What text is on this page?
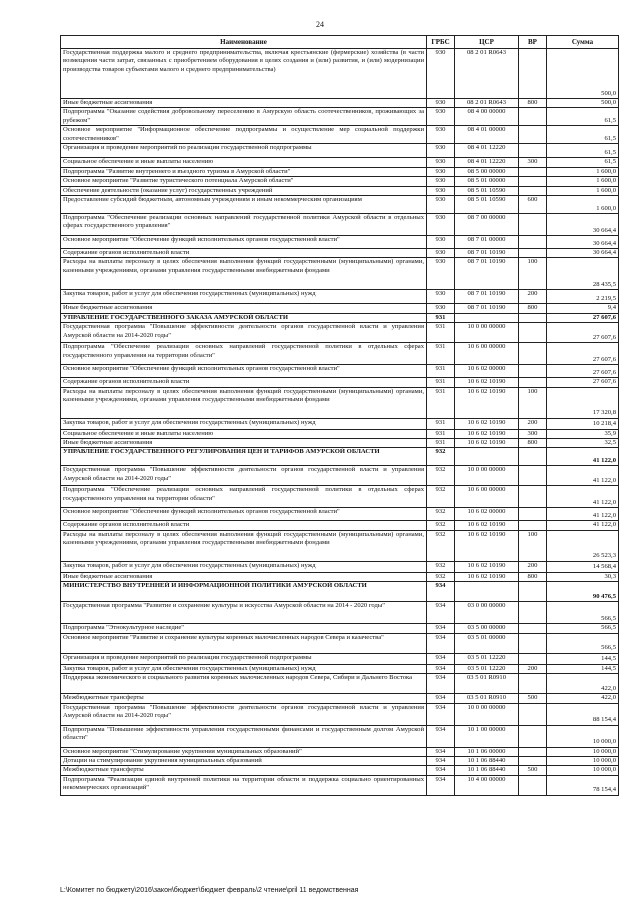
24
Наименование	ГРБС	ЦСР	ВР	Сумма
Государственная поддержка малого и среднего предпринимательства, включая крестьянские (фермерские) хозяйства (в части возмещения части затрат, связанных с приобретением оборудования в целях создания и (или) развития, и (или) модернизации производства товаров субъектами малого и среднего предпринимательства)	930	08 2 01 R0643		500,0
Иные бюджетные ассигнования	930	08 2 01 R0643	800	500,0
Подпрограмма "Оказание содействия добровольному переселению в Амурскую область соотечественников, проживающих за рубежом"	930	08 4 00 00000		61,5
Основное мероприятие "Информационное обеспечение подпрограммы и осуществление мер социальной поддержки соотечественников"	930	08 4 01 00000		61,5
Организация и проведение мероприятий по реализации государственной подпрограммы	930	08 4 01 12220		61,5
Социальное обеспечение и иные выплаты населению	930	08 4 01 12220	300	61,5
Подпрограмма "Развитие внутреннего и въездного туризма в Амурской области"	930	08 5 00 00000		1 600,0
Основное мероприятие "Развитие туристического потенциала Амурской области"	930	08 5 01 00000		1 600,0
Обеспечение деятельности (оказание услуг) государственных учреждений	930	08 5 01 10590		1 600,0
Предоставление субсидий бюджетным, автономным учреждениям и иным некоммерческим организациям	930	08 5 01 10590	600	1 600,0
Подпрограмма "Обеспечение реализации основных направлений государственной политики Амурской области в отдельных сферах государственного управления"	930	08 7 00 00000		30 664,4
Основное мероприятие "Обеспечение функций исполнительных органов государственной власти"	930	08 7 01 00000		30 664,4
Содержание органов исполнительной власти	930	08 7 01 10190		30 664,4
Расходы на выплаты персоналу в целях обеспечения выполнения функций государственными (муниципальными) органами, казенными учреждениями, органами управления государственными внебюджетными фондами	930	08 7 01 10190	100	28 435,5
Закупка товаров, работ и услуг для обеспечения государственных (муниципальных) нужд	930	08 7 01 10190	200	2 219,5
Иные бюджетные ассигнования	930	08 7 01 10190	800	9,4
УПРАВЛЕНИЕ ГОСУДАРСТВЕННОГО ЗАКАЗА АМУРСКОЙ ОБЛАСТИ	931			27 607,6
Государственная программа "Повышение эффективности деятельности органов государственной власти и управления Амурской области на 2014-2020 годы"	931	10 0 00 00000		27 607,6
Подпрограмма "Обеспечение реализации основных направлений государственной политики в отдельных сферах государственного управления на территории области"	931	10 6 00 00000		27 607,6
Основное мероприятие "Обеспечение функций исполнительных органов государственной власти"	931	10 6 02 00000		27 607,6
Содержание органов исполнительной власти	931	10 6 02 10190		27 607,6
Расходы на выплаты персоналу в целях обеспечения выполнения функций государственными (муниципальными) органами, казенными учреждениями, органами управления государственными внебюджетными фондами	931	10 6 02 10190	100	17 320,8
Закупка товаров, работ и услуг для обеспечения государственных (муниципальных) нужд	931	10 6 02 10190	200	10 218,4
Социальное обеспечение и иные выплаты населению	931	10 6 02 10190	300	35,9
Иные бюджетные ассигнования	931	10 6 02 10190	800	32,5
УПРАВЛЕНИЕ ГОСУДАРСТВЕННОГО РЕГУЛИРОВАНИЯ ЦЕН И ТАРИФОВ АМУРСКОЙ ОБЛАСТИ	932			41 122,0
Государственная программа "Повышение эффективности деятельности органов государственной власти и управления Амурской области на 2014-2020 годы"	932	10 0 00 00000		41 122,0
Подпрограмма "Обеспечение реализации основных направлений государственной политики в отдельных сферах государственного управления на территории области"	932	10 6 00 00000		41 122,0
Основное мероприятие "Обеспечение функций исполнительных органов государственной власти"	932	10 6 02 00000		41 122,0
Содержание органов исполнительной власти	932	10 6 02 10190		41 122,0
Расходы на выплаты персоналу в целях обеспечения выполнения функций государственными (муниципальными) органами, казенными учреждениями, органами управления государственными внебюджетными фондами	932	10 6 02 10190	100	26 523,3
Закупка товаров, работ и услуг для обеспечения государственных (муниципальных) нужд	932	10 6 02 10190	200	14 568,4
Иные бюджетные ассигнования	932	10 6 02 10190	800	30,3
МИНИСТЕРСТВО ВНУТРЕННЕЙ И ИНФОРМАЦИОННОЙ ПОЛИТИКИ АМУРСКОЙ ОБЛАСТИ	934			90 476,5
Государственная программа "Развитие и сохранение культуры и искусства Амурской области на 2014 - 2020 годы"	934	03 0 00 00000		566,5
Подпрограмма "Этнокультурное наследие"	934	03 5 00 00000		566,5
Основное мероприятие "Развитие и сохранение культуры коренных малочисленных народов Севера и казачества"	934	03 5 01 00000		566,5
Организация и проведение мероприятий по реализации государственной подпрограммы	934	03 5 01 12220		144,5
Закупка товаров, работ и услуг для обеспечения государственных (муниципальных) нужд	934	03 5 01 12220	200	144,5
Поддержка экономического и социального развития коренных малочисленных народов Севера, Сибири и Дальнего Востока	934	03 5 01 R0910		422,0
Межбюджетные трансферты	934	03 5 01 R0910	500	422,0
Государственная программа "Повышение эффективности деятельности органов государственной власти и управления Амурской области на 2014-2020 годы"	934	10 0 00 00000		88 154,4
Подпрограмма "Повышение эффективности управления государственными финансами и государственным долгом Амурской области"	934	10 1 00 00000		10 000,0
Основное мероприятие "Стимулирование укрупнения муниципальных образований"	934	10 1 06 00000		10 000,0
Дотации на стимулирование укрупнения муниципальных образований	934	10 1 06 88440		10 000,0
Межбюджетные трансферты	934	10 1 06 88440	500	10 000,0
Подпрограмма "Реализация единой внутренней политики на территории области и поддержка социально ориентированных некоммерческих организаций"	934	10 4 00 00000		78 154,4
L:\Комитет по бюджету\2016\закон\бюджет\бюджет февраль\2 чтение\pril 11 ведомственная
